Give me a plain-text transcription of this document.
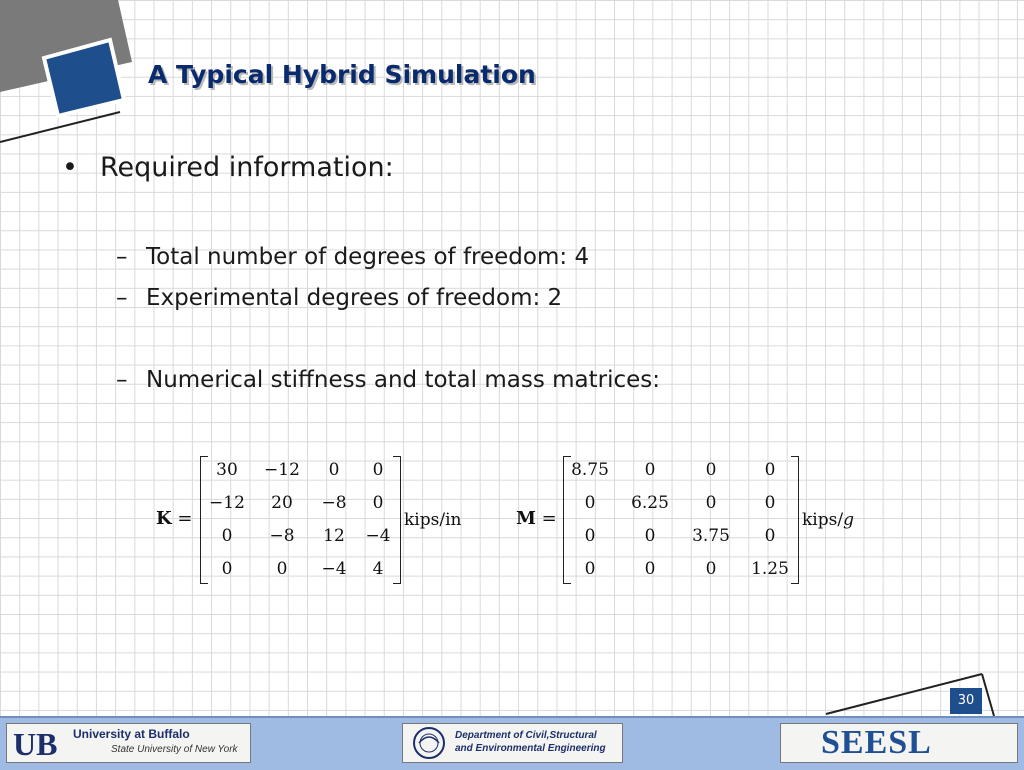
A Typical Hybrid Simulation
• Required information:
– Total number of degrees of freedom: 4
– Experimental degrees of freedom: 2
– Numerical stiffness and total mass matrices:
K =
30 −12 0 0
−12 20 −8 0
0 −8 12 −4
0	0 −4 4
kips/in	M =
8.75 0	0	0
0 6.25 0	0
0	0 3.75 0
0	0	0 1.25
kips/g
30
UB University at Buffalo
State University of New York
Department of Civil,Structural
and Environmental Engineering	SEESL
